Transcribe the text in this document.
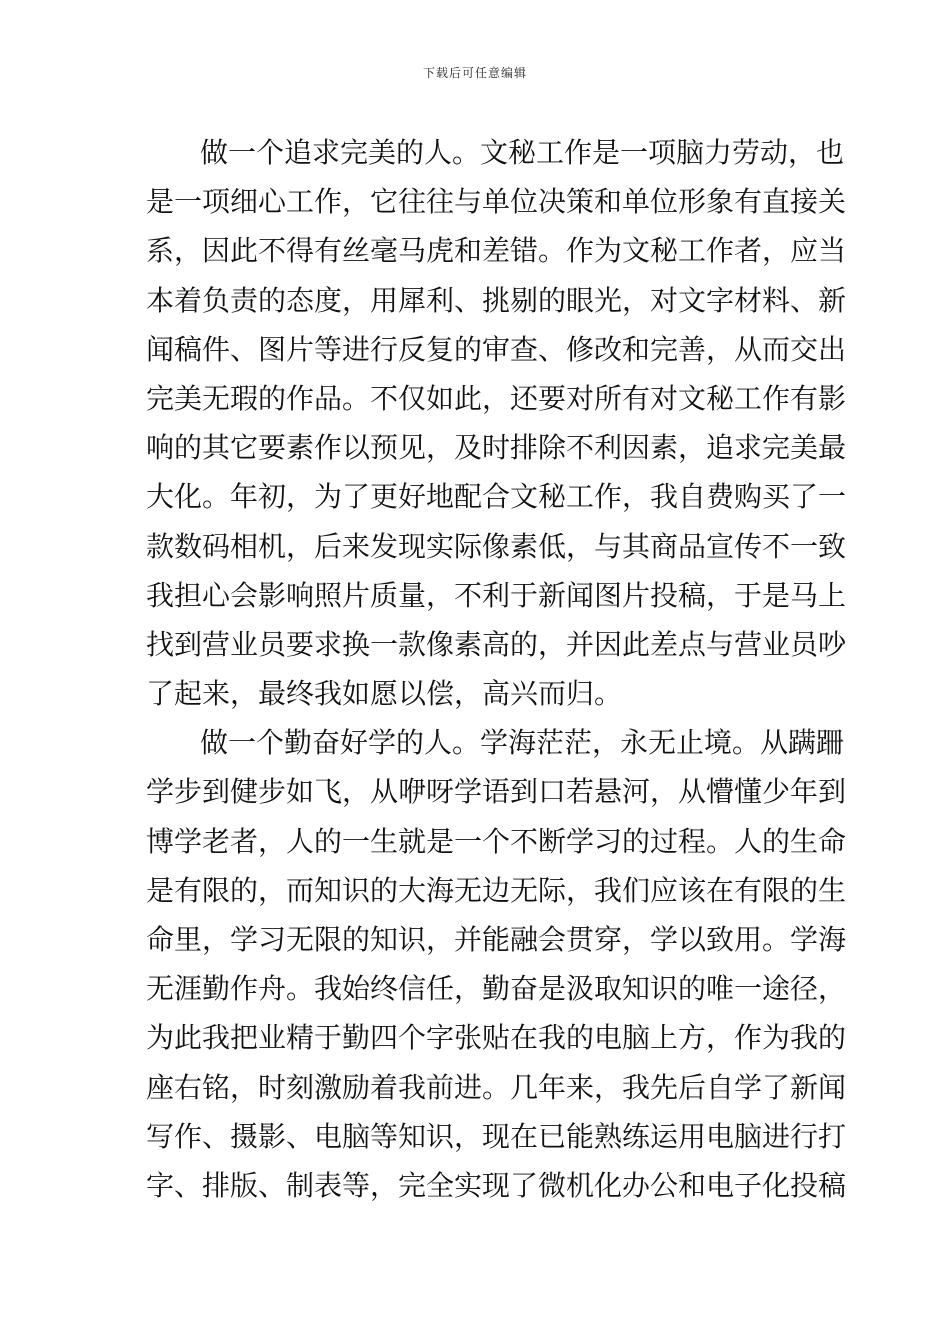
下载后可任意编辑
做一个追求完美的人。文秘工作是一项脑力劳动，也
是一项细心工作，它往往与单位决策和单位形象有直接关
系，因此不得有丝毫马虎和差错。作为文秘工作者，应当
本着负责的态度，用犀利、挑剔的眼光，对文字材料、新
闻稿件、图片等进行反复的审查、修改和完善，从而交出
完美无瑕的作品。不仅如此，还要对所有对文秘工作有影
响的其它要素作以预见，及时排除不利因素，追求完美最
大化。年初，为了更好地配合文秘工作，我自费购买了一
款数码相机，后来发现实际像素低，与其商品宣传不一致
我担心会影响照片质量，不利于新闻图片投稿，于是马上
找到营业员要求换一款像素高的，并因此差点与营业员吵
了起来，最终我如愿以偿，高兴而归。
做一个勤奋好学的人。学海茫茫，永无止境。从蹒跚
学步到健步如飞，从咿呀学语到口若悬河，从懵懂少年到
博学老者，人的一生就是一个不断学习的过程。人的生命
是有限的，而知识的大海无边无际，我们应该在有限的生
命里，学习无限的知识，并能融会贯穿，学以致用。学海
无涯勤作舟。我始终信任，勤奋是汲取知识的唯一途径，
为此我把业精于勤四个字张贴在我的电脑上方，作为我的
座右铭，时刻激励着我前进。几年来，我先后自学了新闻
写作、摄影、电脑等知识，现在已能熟练运用电脑进行打
字、排版、制表等，完全实现了微机化办公和电子化投稿
